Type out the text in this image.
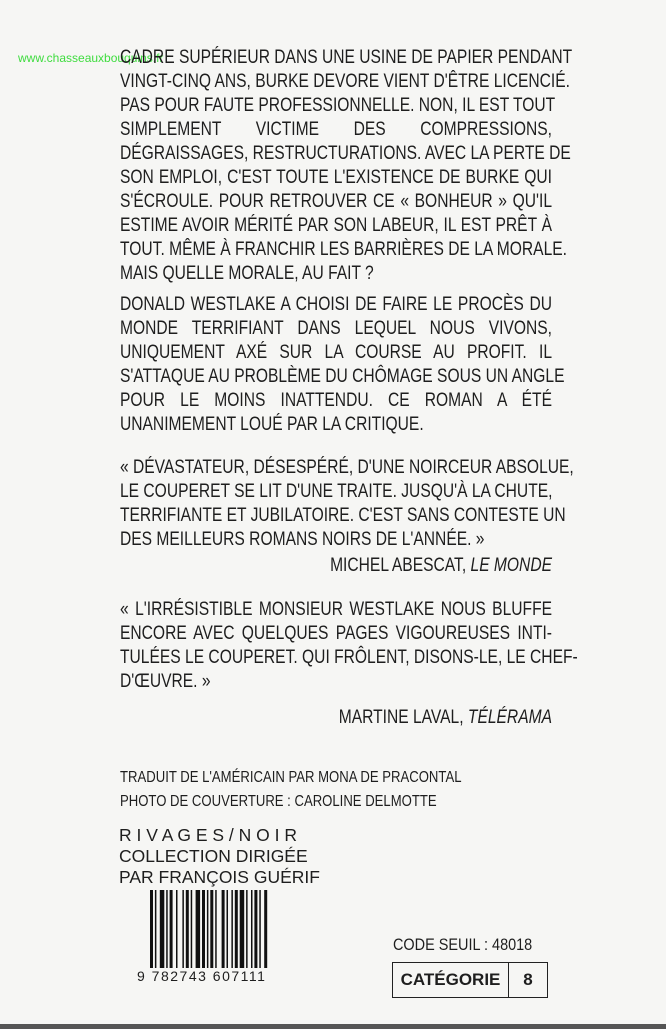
www.chasseauxbouquins.fr
CADRE SUPÉRIEUR DANS UNE USINE DE PAPIER PENDANT
VINGT-CINQ ANS, BURKE DEVORE VIENT D'ÊTRE LICENCIÉ.
PAS POUR FAUTE PROFESSIONNELLE. NON, IL EST TOUT
SIMPLEMENT VICTIME DES COMPRESSIONS,
DÉGRAISSAGES, RESTRUCTURATIONS. AVEC LA PERTE DE
SON EMPLOI, C'EST TOUTE L'EXISTENCE DE BURKE QUI
S'ÉCROULE. POUR RETROUVER CE « BONHEUR » QU'IL
ESTIME AVOIR MÉRITÉ PAR SON LABEUR, IL EST PRÊT À
TOUT. MÊME À FRANCHIR LES BARRIÈRES DE LA MORALE.
MAIS QUELLE MORALE, AU FAIT ?
DONALD WESTLAKE A CHOISI DE FAIRE LE PROCÈS DU
MONDE TERRIFIANT DANS LEQUEL NOUS VIVONS,
UNIQUEMENT AXÉ SUR LA COURSE AU PROFIT. IL
S'ATTAQUE AU PROBLÈME DU CHÔMAGE SOUS UN ANGLE
POUR LE MOINS INATTENDU. CE ROMAN A ÉTÉ
UNANIMEMENT LOUÉ PAR LA CRITIQUE.
« DÉVASTATEUR, DÉSESPÉRÉ, D'UNE NOIRCEUR ABSOLUE,
LE COUPERET SE LIT D'UNE TRAITE. JUSQU'À LA CHUTE,
TERRIFIANTE ET JUBILATOIRE. C'EST SANS CONTESTE UN
DES MEILLEURS ROMANS NOIRS DE L'ANNÉE. »
MICHEL ABESCAT, LE MONDE
« L'IRRÉSISTIBLE MONSIEUR WESTLAKE NOUS BLUFFE
ENCORE AVEC QUELQUES PAGES VIGOUREUSES INTI-
TULÉES LE COUPERET. QUI FRÔLENT, DISONS-LE, LE CHEF-
D'ŒUVRE. »
MARTINE LAVAL, TÉLÉRAMA
TRADUIT DE L'AMÉRICAIN PAR MONA DE PRACONTAL
PHOTO DE COUVERTURE : CAROLINE DELMOTTE
R I V A G E S / N O I R
COLLECTION DIRIGÉE
PAR FRANÇOIS GUÉRIF
9 782743 607111
CODE SEUIL : 48018
CATÉGORIE	8
